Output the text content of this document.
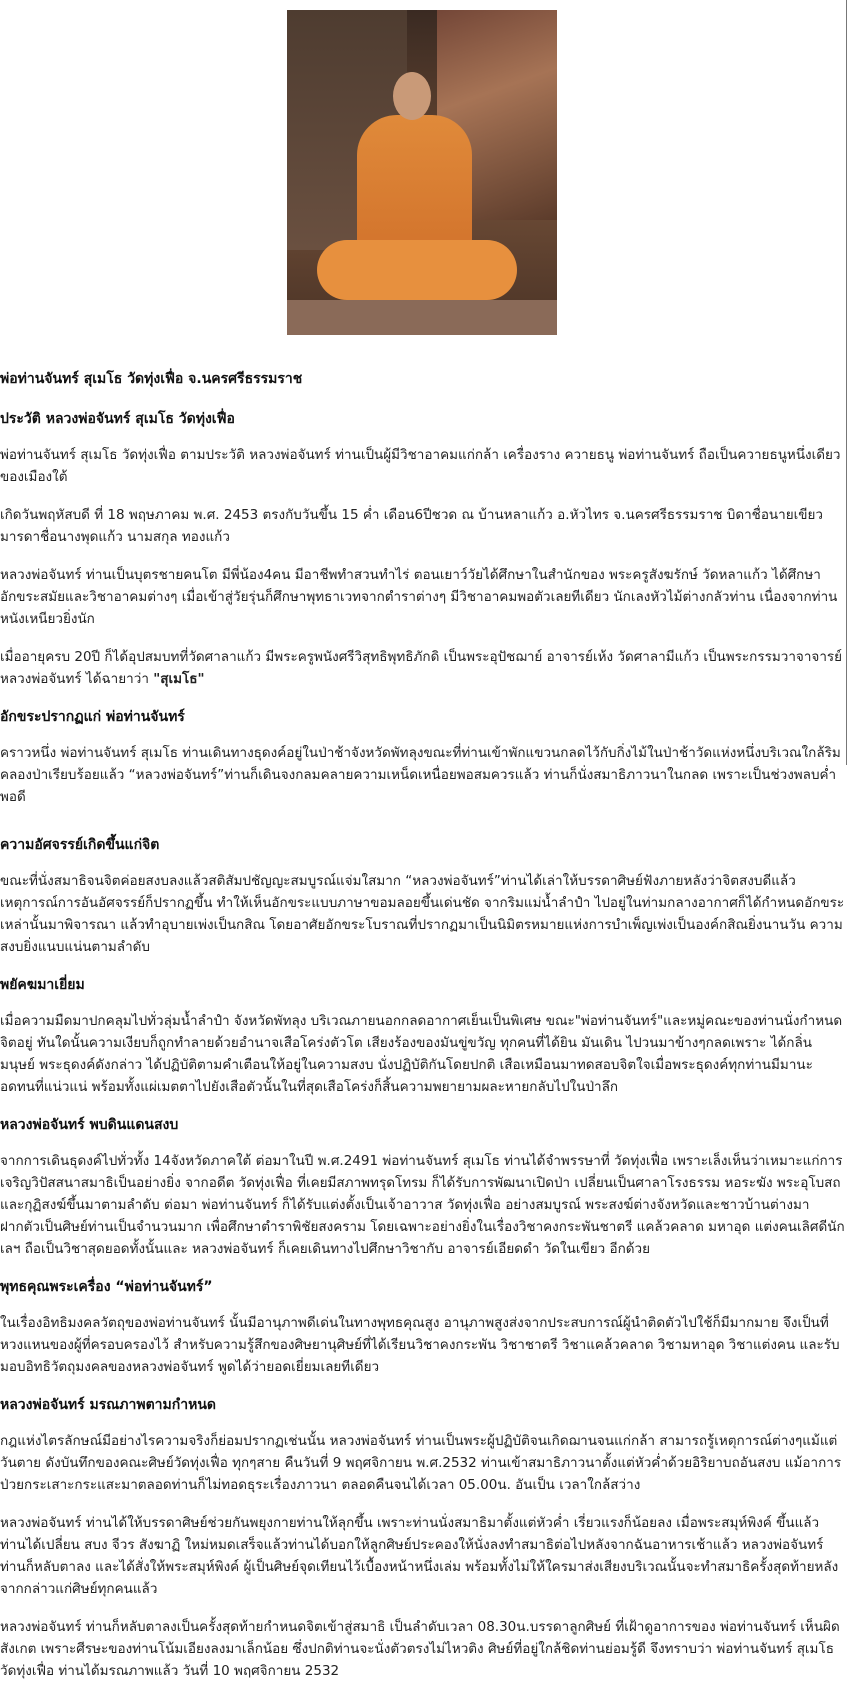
พ่อท่านจันทร์ สุเมโธ วัดทุ่งเฟื่อ จ.นครศรีธรรมราช
ประวัติ หลวงพ่อจันทร์ สุเมโธ วัดทุ่งเฟื่อ

พ่อท่านจันทร์ สุเมโธ วัดทุ่งเฟื่อ ตามประวัติ หลวงพ่อจันทร์ ท่านเป็นผู้มีวิชาอาคมแก่กล้า เครื่องราง ควายธนู พ่อท่านจันทร์ ถือเป็นควายธนูหนึ่งเดียวของเมืองใต้

เกิดวันพฤหัสบดี ที่ 18 พฤษภาคม พ.ศ. 2453 ตรงกับวันขึ้น 15 ค่ำ เดือน6ปีชวด ณ บ้านหลาแก้ว อ.หัวไทร จ.นครศรีธรรมราช บิดาชื่อนายเขียว มารดาชื่อนางพุดแก้ว นามสกุล ทองแก้ว

หลวงพ่อจันทร์ ท่านเป็นบุตรชายคนโต มีพี่น้อง4คน มีอาชีพทำสวนทำไร่ ตอนเยาว์วัยได้ศึกษาในสำนักของ พระครูสังฆรักษ์ วัดหลาแก้ว ได้ศึกษาอักขระสมัยและวิชาอาคมต่างๆ เมื่อเข้าสู่วัยรุ่นก็ศึกษาพุทธาเวทจากตำราต่างๆ มีวิชาอาคมพอตัวเลยทีเดียว นักเลงหัวไม้ต่างกลัวท่าน เนื่องจากท่านหนังเหนียวยิ่งนัก

เมื่ออายุครบ 20ปี ก็ได้อุปสมบทที่วัดศาลาแก้ว มีพระครูพนังศรีวิสุทธิพุทธิภักดิ เป็นพระอุปัชฌาย์ อาจารย์เห้ง วัดศาลามีแก้ว เป็นพระกรรมวาจาจารย์ หลวงพ่อจันทร์ ได้ฉายาว่า "สุเมโธ"

อักขระปรากฏแก่ พ่อท่านจันทร์

คราวหนึ่ง พ่อท่านจันทร์ สุเมโธ ท่านเดินทางธุดงค์อยู่ในป่าช้าจังหวัดพัทลุงขณะที่ท่านเข้าพักแขวนกลดไว้กับกิ่งไม้ในป่าช้าวัดแห่งหนึ่งบริเวณใกล้ริมคลองป่าเรียบร้อยแล้ว “หลวงพ่อจันทร์”ท่านก็เดินจงกลมคลายความเหน็ดเหนื่อยพอสมควรแล้ว ท่านก็นั่งสมาธิภาวนาในกลด เพราะเป็นช่วงพลบค่ำพอดี

ความอัศจรรย์เกิดขึ้นแก่จิต

ขณะที่นั่งสมาธิจนจิตค่อยสงบลงแล้วสติสัมปชัญญะสมบูรณ์แจ่มใสมาก “หลวงพ่อจันทร์”ท่านได้เล่าให้บรรดาศิษย์ฟังภายหลังว่าจิตสงบดีแล้วเหตุการณ์การอันอัศจรรย์ก็ปรากฏขึ้น ทำให้เห็นอักขระแบบภาษาขอมลอยขึ้นเด่นชัด จากริมแม่น้ำลำปำ ไปอยู่ในท่ามกลางอากาศก็ได้กำหนดอักขระเหล่านั้นมาพิจารณา แล้วทำอุบายเพ่งเป็นกสิณ โดยอาศัยอักขระโบราณที่ปรากฏมาเป็นนิมิตรหมายแห่งการบำเพ็ญเพ่งเป็นองค์กสิณยิ่งนานวัน ความสงบยิ่งแนบแน่นตามลำดับ

พยัคฆมาเยี่ยม

เมื่อความมืดมาปกคลุมไปทั่วลุ่มน้ำลำปำ จังหวัดพัทลุง บริเวณภายนอกกลดอากาศเย็นเป็นพิเศษ ขณะ"พ่อท่านจันทร์"และหมู่คณะของท่านนั่งกำหนดจิตอยู่ ทันใดนั้นความเงียบก็ถูกทำลายด้วยอำนาจเสือโคร่งตัวโต เสียงร้องของมันขู่ขวัญ ทุกคนที่ได้ยิน มันเดิน ไปวนมาข้างๆกลดเพราะ ได้กลิ่นมนุษย์ พระธุดงค์ดังกล่าว ได้ปฏิบัติตามคำเตือนให้อยู่ในความสงบ นั่งปฏิบัติกันโดยปกติ เสือเหมือนมาทดสอบจิตใจเมื่อพระธุดงค์ทุกท่านมีมานะอดทนที่แน่วแน่ พร้อมทั้งแผ่เมตตาไปยังเสือตัวนั้นในที่สุดเสือโคร่งก็สิ้นความพยายามผละหายกลับไปในป่าลึก

หลวงพ่อจันทร์ พบดินแดนสงบ

จากการเดินธุดงค์ไปทั่วทั้ง 14จังหวัดภาคใต้ ต่อมาในปี พ.ศ.2491 พ่อท่านจันทร์ สุเมโธ ท่านได้จำพรรษาที่ วัดทุ่งเฟื่อ เพราะเล็งเห็นว่าเหมาะแก่การเจริญวิปัสสนาสมาธิเป็นอย่างยิ่ง จากอดีต วัดทุ่งเฟื่อ ที่เคยมีสภาพทรุดโทรม ก็ได้รับการพัฒนาเปิดป่า เปลี่ยนเป็นศาลาโรงธรรม หอระฆัง พระอุโบสถและกุฏิสงฆ์ขึ้นมาตามลำดับ ต่อมา พ่อท่านจันทร์ ก็ได้รับแต่งตั้งเป็นเจ้าอาวาส วัดทุ่งเฟื่อ อย่างสมบูรณ์ พระสงฆ์ต่างจังหวัดและชาวบ้านต่างมาฝากตัวเป็นศิษย์ท่านเป็นจำนวนมาก เพื่อศึกษาตำราพิชัยสงคราม โดยเฉพาะอย่างยิ่งในเรื่องวิชาคงกระพันชาตรี แคล้วคลาด มหาอุด แต่งคนเลิศดีนักเลฯ ถือเป็นวิชาสุดยอดทั้งนั้นและ หลวงพ่อจันทร์ ก็เคยเดินทางไปศึกษาวิชากับ อาจารย์เอียดดำ วัดในเขียว อีกด้วย

พุทธคุณพระเครื่อง “พ่อท่านจันทร์”

ในเรื่องอิทธิมงคลวัตถุของพ่อท่านจันทร์ นั้นมีอานุภาพดีเด่นในทางพุทธคุณสูง อานุภาพสูงส่งจากประสบการณ์ผู้นำติดตัวไปใช้ก็มีมากมาย จึงเป็นที่หวงแหนของผู้ที่ครอบครองไว้ สำหรับความรู้สึกของศิษยานุศิษย์ที่ได้เรียนวิชาคงกระพัน วิชาชาตรี วิชาแคล้วคลาด วิชามหาอุด วิชาแต่งคน และรับมอบอิทธิวัตถุมงคลของหลวงพ่อจันทร์ พูดได้ว่ายอดเยี่ยมเลยทีเดียว

หลวงพ่อจันทร์ มรณภาพตามกำหนด

กฎแห่งไตรลักษณ์มีอย่างไรความจริงก็ย่อมปรากฏเช่นนั้น หลวงพ่อจันทร์ ท่านเป็นพระผู้ปฏิบัติจนเกิดฌานจนแก่กล้า สามารถรู้เหตุการณ์ต่างๆแม้แต่วันตาย ดังบันทึกของคณะศิษย์วัดทุ่งเฟื่อ ทุกๆสาย คืนวันที่ 9 พฤศจิกายน พ.ศ.2532 ท่านเข้าสมาธิภาวนาตั้งแต่หัวค่ำด้วยอิริยาบถอันสงบ แม้อาการป่วยกระเสาะกระแสะมาตลอดท่านก็ไม่ทอดธุระเรื่องภาวนา ตลอดคืนจนได้เวลา 05.00น. อันเป็น เวลาใกล้สว่าง

หลวงพ่อจันทร์ ท่านได้ให้บรรดาศิษย์ช่วยกันพยุงกายท่านให้ลุกขึ้น เพราะท่านนั่งสมาธิมาตั้งแต่หัวค่ำ เรี่ยวแรงก็น้อยลง เมื่อพระสมุห์พิงค์ ขึ้นแล้ว ท่านได้เปลี่ยน สบง จีวร สังฆาฏิ ใหม่หมดเสร็จแล้วท่านได้บอกให้ลูกศิษย์ประคองให้นั่งลงทำสมาธิต่อไปหลังจากฉันอาหารเช้าแล้ว หลวงพ่อจันทร์ท่านก็หลับตาลง และได้สั่งให้พระสมุห์พิงค์ ผู้เป็นศิษย์จุดเทียนไว้เบื้องหน้าหนึ่งเล่ม พร้อมทั้งไม่ให้ใครมาส่งเสียงบริเวณนั้นจะทำสมาธิครั้งสุดท้ายหลังจากกล่าวแก่ศิษย์ทุกคนแล้ว

หลวงพ่อจันทร์ ท่านก็หลับตาลงเป็นครั้งสุดท้ายกำหนดจิตเข้าสู่สมาธิ เป็นลำดับเวลา 08.30น.บรรดาลูกศิษย์ ที่เฝ้าดูอาการของ พ่อท่านจันทร์ เห็นผิดสังเกต เพราะศีรษะของท่านโน้มเอียงลงมาเล็กน้อย ซึ่งปกติท่านจะนั่งตัวตรงไม่ไหวติง ศิษย์ที่อยู่ใกล้ชิดท่านย่อมรู้ดี จึงทราบว่า พ่อท่านจันทร์ สุเมโธ วัดทุ่งเฟื่อ ท่านได้มรณภาพแล้ว วันที่ 10 พฤศจิกายน 2532
